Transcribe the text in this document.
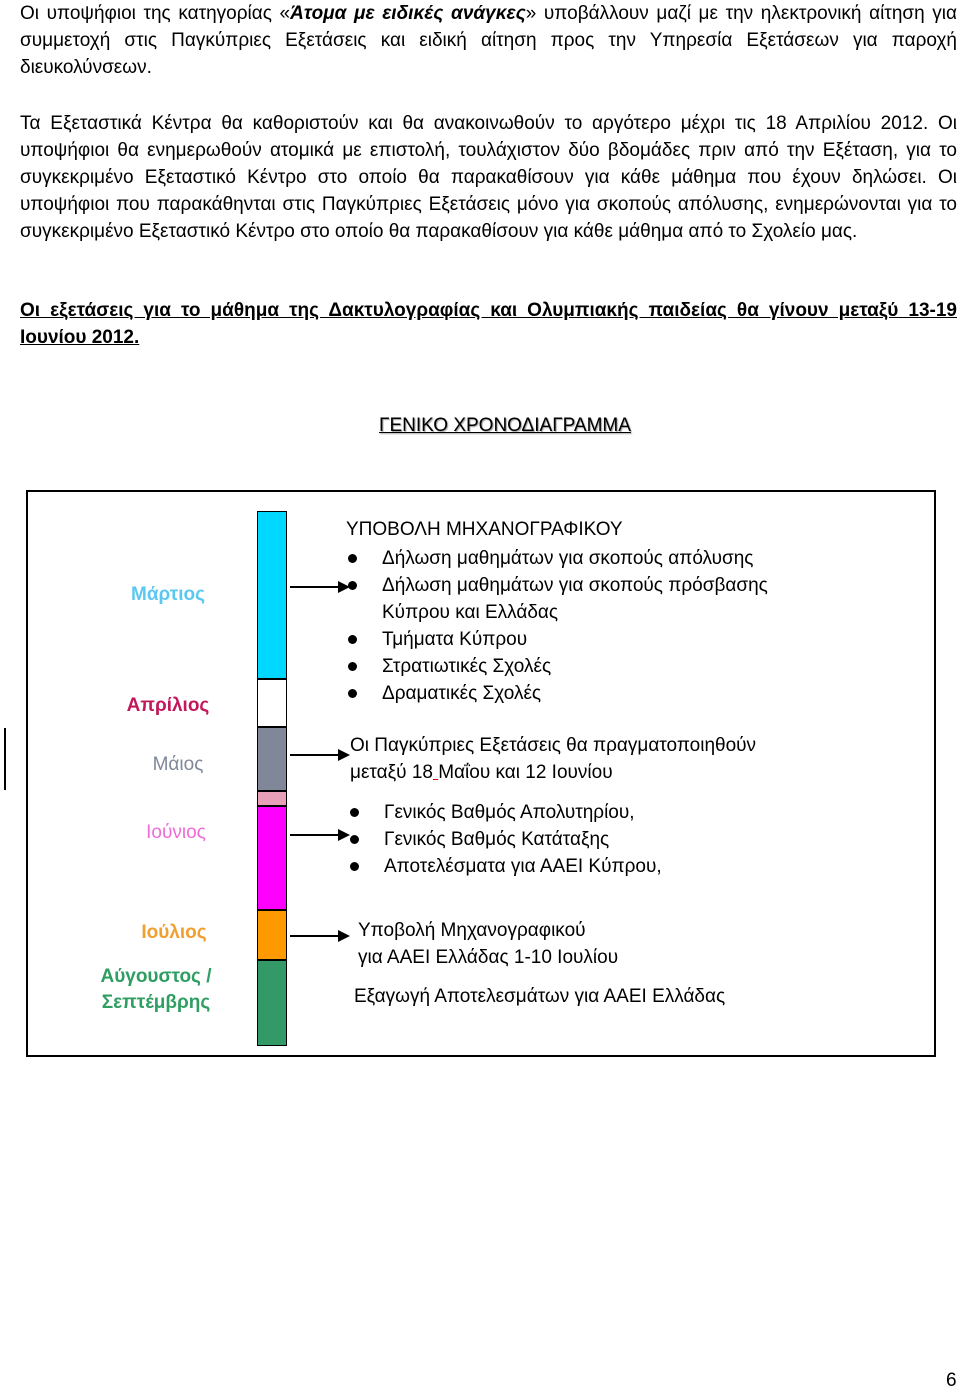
Οι υποψήφιοι της κατηγορίας «Άτομα με ειδικές ανάγκες» υποβάλλουν μαζί με την ηλεκτρονική αίτηση για συμμετοχή στις Παγκύπριες Εξετάσεις και ειδική αίτηση προς την Υπηρεσία Εξετάσεων για παροχή διευκολύνσεων.

Τα Εξεταστικά Κέντρα θα καθοριστούν και θα ανακοινωθούν το αργότερο μέχρι τις 18 Απριλίου 2012. Οι υποψήφιοι θα ενημερωθούν ατομικά με επιστολή, τουλάχιστον δύο βδομάδες πριν από την Εξέταση, για το συγκεκριμένο Εξεταστικό Κέντρο στο οποίο θα παρακαθίσουν για κάθε μάθημα που έχουν δηλώσει. Οι υποψήφιοι που παρακάθηνται στις Παγκύπριες Εξετάσεις μόνο για σκοπούς απόλυσης, ενημερώνονται για το συγκεκριμένο Εξεταστικό Κέντρο στο οποίο θα παρακαθίσουν για κάθε μάθημα από το Σχολείο μας.

Οι εξετάσεις για το μάθημα της Δακτυλογραφίας και Ολυμπιακής παιδείας θα γίνουν μεταξύ 13-19 Ιουνίου 2012.

ΓΕΝΙΚΟ ΧΡΟΝΟΔΙΑΓΡΑΜΜΑ
Μάρτιος
Απρίλιος
Μάιος
Ιούνιος
Ιούλιος
Αύγουστος /
Σεπτέμβρης
ΥΠΟΒΟΛΗ ΜΗΧΑΝΟΓΡΑΦΙΚΟΥ
Δήλωση μαθημάτων για σκοπούς απόλυσης
Δήλωση μαθημάτων για σκοπούς πρόσβασης
Κύπρου και Ελλάδας
Τμήματα Κύπρου
Στρατιωτικές Σχολές
Δραματικές Σχολές
Οι Παγκύπριες Εξετάσεις θα πραγματοποιηθούν
μεταξύ 18 Μαΐου και 12 Ιουνίου
Γενικός Βαθμός Απολυτηρίου,
Γενικός Βαθμός Κατάταξης
Αποτελέσματα για ΑΑΕΙ Κύπρου,
Υποβολή Μηχανογραφικού
για ΑΑΕΙ Ελλάδας 1-10 Ιουλίου
Εξαγωγή Αποτελεσμάτων για ΑΑΕΙ Ελλάδας
6
